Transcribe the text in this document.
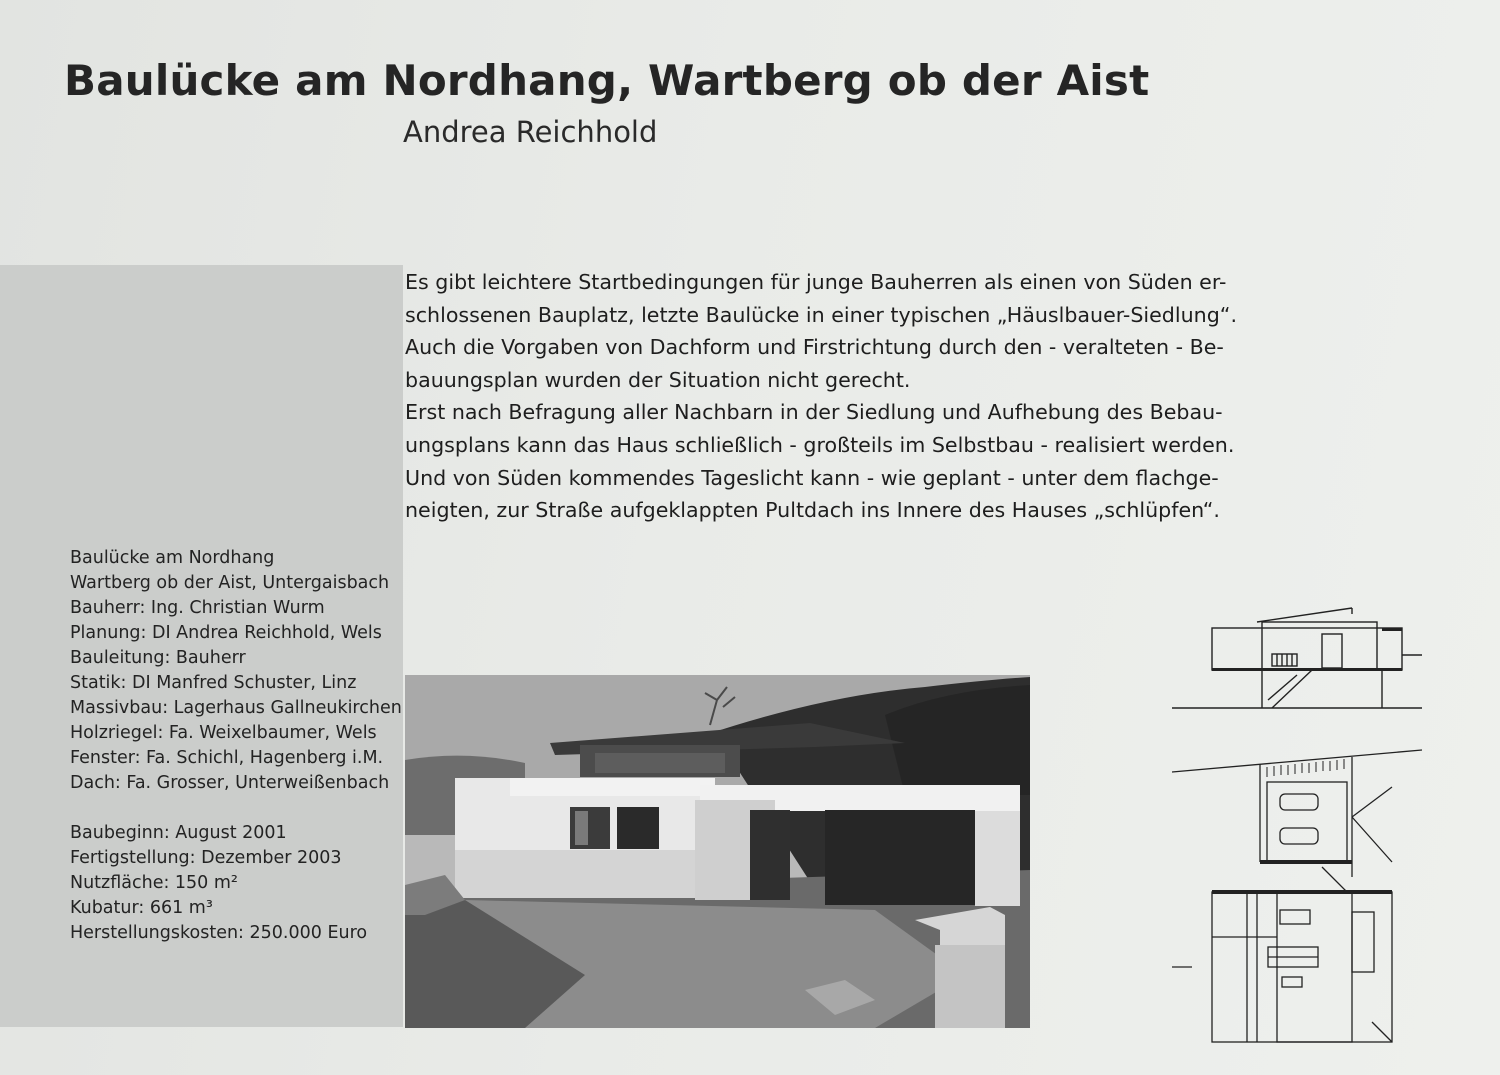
Baulücke am Nordhang, Wartberg ob der Aist
Andrea Reichhold
Baulücke am Nordhang
Wartberg ob der Aist, Untergaisbach
Bauherr: Ing. Christian Wurm
Planung: DI Andrea Reichhold, Wels
Bauleitung: Bauherr
Statik: DI Manfred Schuster, Linz
Massivbau: Lagerhaus Gallneukirchen
Holzriegel: Fa. Weixelbaumer, Wels
Fenster: Fa. Schichl, Hagenberg i.M.
Dach: Fa. Grosser, Unterweißenbach
Baubeginn: August 2001
Fertigstellung: Dezember 2003
Nutzfläche: 150 m²
Kubatur: 661 m³
Herstellungskosten: 250.000 Euro
Es gibt leichtere Startbedingungen für junge Bauherren als einen von Süden er-
schlossenen Bauplatz, letzte Baulücke in einer typischen „Häuslbauer-Siedlung“.
Auch die Vorgaben von Dachform und Firstrichtung durch den - veralteten - Be-
bauungsplan wurden der Situation nicht gerecht.
Erst nach Befragung aller Nachbarn in der Siedlung und Aufhebung des Bebau-
ungsplans kann das Haus schließlich - großteils im Selbstbau - realisiert werden.
Und von Süden kommendes Tageslicht kann - wie geplant - unter dem flachge-
neigten, zur Straße aufgeklappten Pultdach ins Innere des Hauses „schlüpfen“.
